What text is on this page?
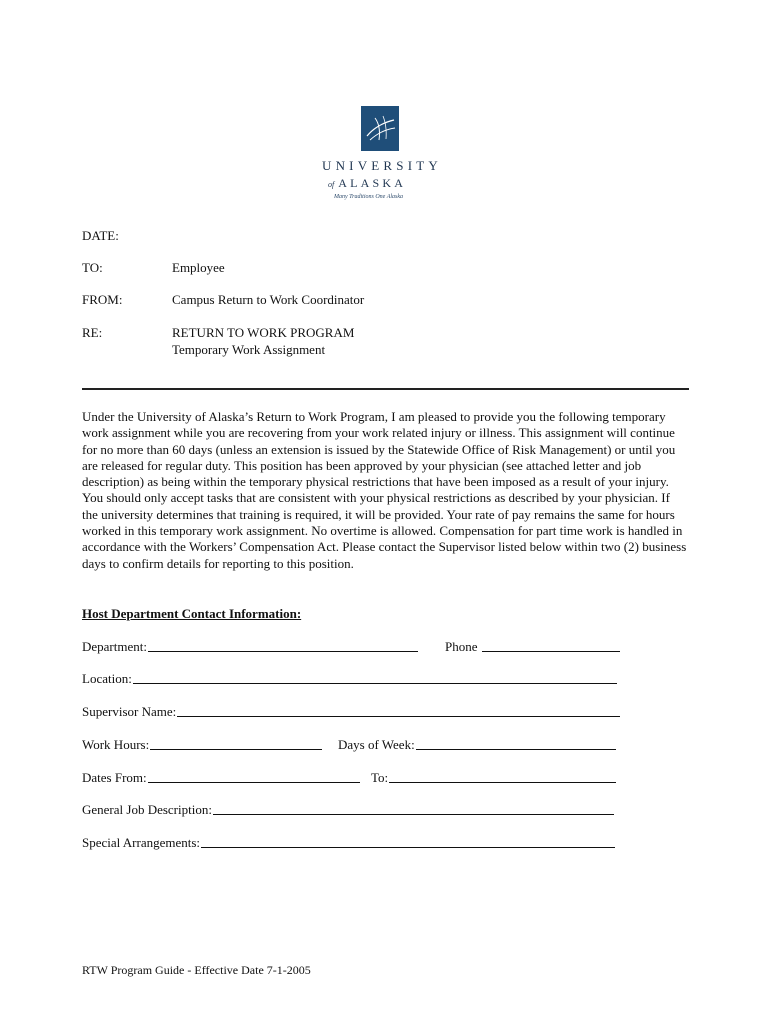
UNIVERSITY
of ALASKA
Many Traditions One Alaska
DATE:
TO:	Employee
FROM:	Campus Return to Work Coordinator
RE:	RETURN TO WORK PROGRAM
Temporary Work Assignment

Under the University of Alaska’s Return to Work Program, I am pleased to provide you the following temporary work assignment while you are recovering from your work related injury or illness. This assignment will continue for no more than 60 days (unless an extension is issued by the Statewide Office of Risk Management) or until you are released for regular duty. This position has been approved by your physician (see attached letter and job description) as being within the temporary physical restrictions that have been imposed as a result of your injury. You should only accept tasks that are consistent with your physical restrictions as described by your physician. If the university determines that training is required, it will be provided. Your rate of pay remains the same for hours worked in this temporary work assignment. No overtime is allowed. Compensation for part time work is handled in accordance with the Workers’ Compensation Act. Please contact the Supervisor listed below within two (2) business days to confirm details for reporting to this position.

Host Department Contact Information:
Department:	Phone
Location:
Supervisor Name:
Work Hours:	Days of Week:
Dates From:	To:
General Job Description:
Special Arrangements:
RTW Program Guide - Effective Date 7-1-2005
